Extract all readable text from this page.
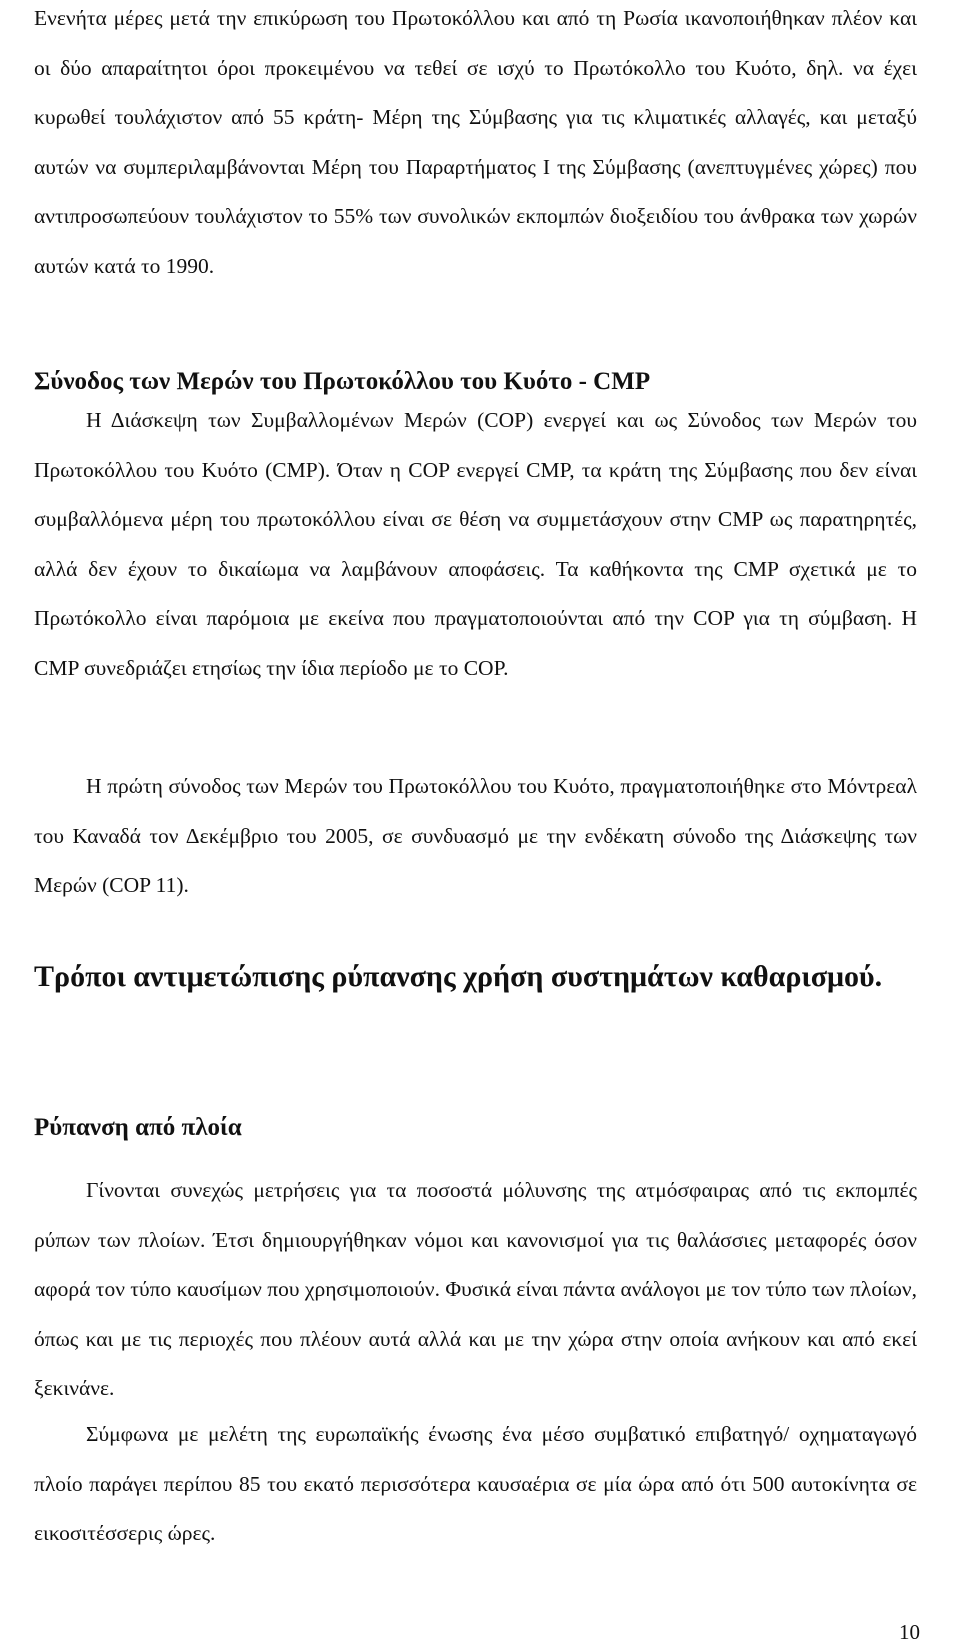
Ενενήτα μέρες μετά την επικύρωση του Πρωτοκόλλου και από τη Ρωσία ικανοποιήθηκαν πλέον και οι δύο απαραίτητοι όροι προκειμένου να τεθεί σε ισχύ το Πρωτόκολλο του Κυότο, δηλ. να έχει κυρωθεί τουλάχιστον από 55 κράτη- Μέρη της Σύμβασης για τις κλιματικές αλλαγές, και μεταξύ αυτών να συμπεριλαμβάνονται Μέρη του Παραρτήματος Ι της Σύμβασης (ανεπτυγμένες χώρες) που αντιπροσωπεύουν τουλάχιστον το 55% των συνολικών εκπομπών διοξειδίου του άνθρακα των χωρών αυτών κατά το 1990.

Σύνοδος των Μερών του Πρωτοκόλλου του Κυότο - CMP

Η Διάσκεψη των Συμβαλλομένων Μερών (COP) ενεργεί και ως Σύνοδος των Μερών του Πρωτοκόλλου του Κυότο (CMP). Όταν η COP ενεργεί CMP, τα κράτη της Σύμβασης που δεν είναι συμβαλλόμενα μέρη του πρωτοκόλλου είναι σε θέση να συμμετάσχουν στην CMP ως παρατηρητές, αλλά δεν έχουν το δικαίωμα να λαμβάνουν αποφάσεις. Τα καθήκοντα της CMP σχετικά με το Πρωτόκολλο είναι παρόμοια με εκείνα που πραγματοποιούνται από την COP για τη σύμβαση. Η CMP συνεδριάζει ετησίως την ίδια περίοδο με το COP.

Η πρώτη σύνοδος των Μερών του Πρωτοκόλλου του Κυότο, πραγματοποιήθηκε στο Μόντρεαλ του Καναδά τον Δεκέμβριο του 2005, σε συνδυασμό με την ενδέκατη σύνοδο της Διάσκεψης των Μερών (COP 11).

Τρόποι αντιμετώπισης ρύπανσης χρήση συστημάτων καθαρισμού.
Ρύπανση από πλοία

Γίνονται συνεχώς μετρήσεις για τα ποσοστά μόλυνσης της ατμόσφαιρας από τις εκπομπές ρύπων των πλοίων. Έτσι δημιουργήθηκαν νόμοι και κανονισμοί για τις θαλάσσιες μεταφορές όσον αφορά τον τύπο καυσίμων που χρησιμοποιούν. Φυσικά είναι πάντα ανάλογοι με τον τύπο των πλοίων, όπως και με τις περιοχές που πλέουν αυτά αλλά και με την χώρα στην οποία ανήκουν και από εκεί ξεκινάνε.

Σύμφωνα με μελέτη της ευρωπαϊκής ένωσης ένα μέσο συμβατικό επιβατηγό/ οχηματαγωγό πλοίο παράγει περίπου 85 του εκατό περισσότερα καυσαέρια σε μία ώρα από ότι 500 αυτοκίνητα σε εικοσιτέσσερις ώρες.

10
